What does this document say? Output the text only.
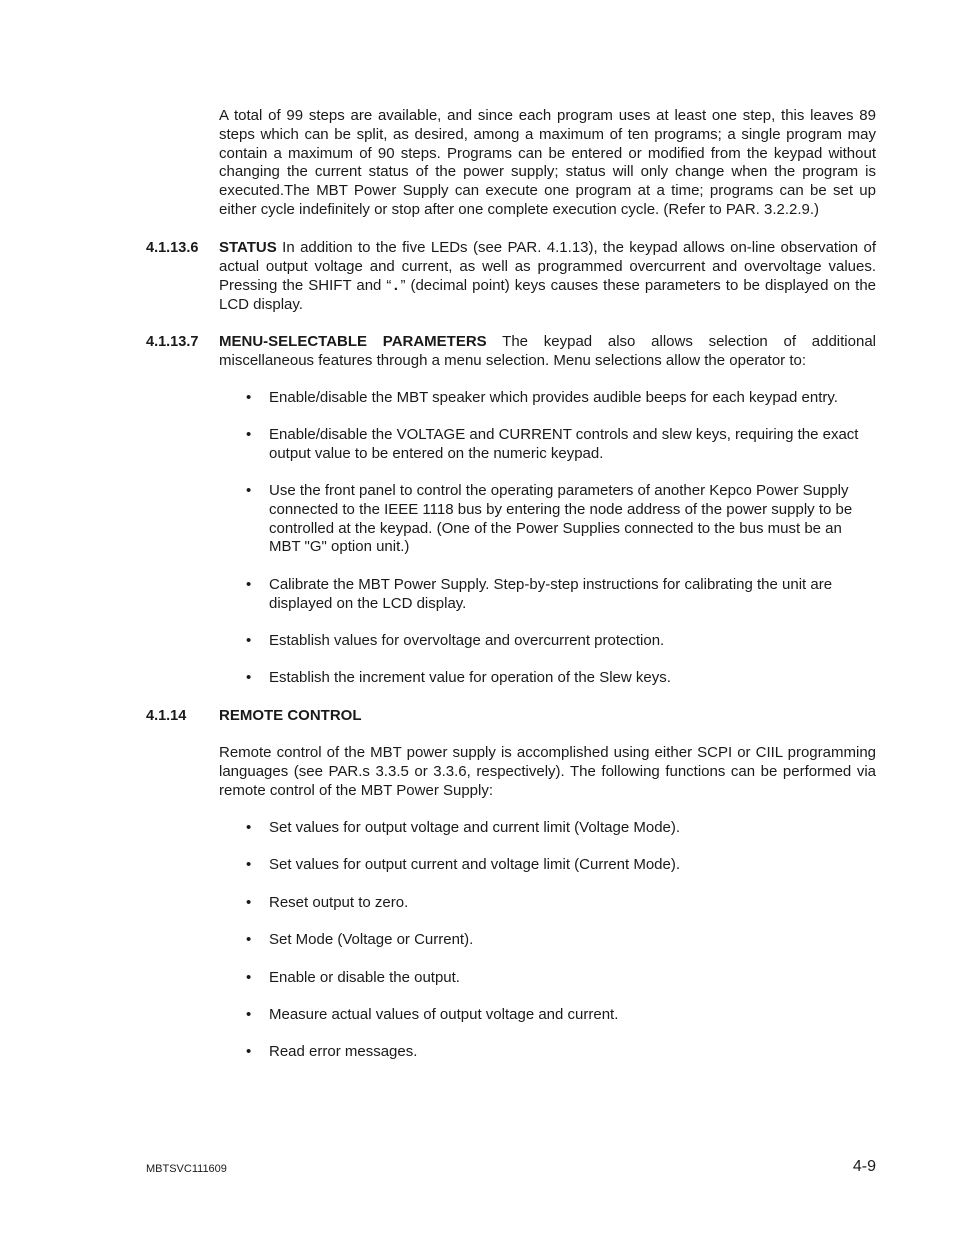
A total of 99 steps are available, and since each program uses at least one step, this leaves 89 steps which can be split, as desired, among a maximum of ten programs; a single program may contain a maximum of 90 steps. Programs can be entered or modified from the keypad without changing the current status of the power supply; status will only change when the program is executed.The MBT Power Supply can execute one program at a time; programs can be set up either cycle indefinitely or stop after one complete execution cycle. (Refer to PAR. 3.2.2.9.)

4.1.13.6 STATUS In addition to the five LEDs (see PAR. 4.1.13), the keypad allows on-line observation of actual output voltage and current, as well as programmed overcurrent and overvoltage values. Pressing the SHIFT and “.” (decimal point) keys causes these parameters to be displayed on the LCD display.

4.1.13.7 MENU-SELECTABLE PARAMETERS The keypad also allows selection of additional miscellaneous features through a menu selection. Menu selections allow the operator to:

• Enable/disable the MBT speaker which provides audible beeps for each keypad entry.

• Enable/disable the VOLTAGE and CURRENT controls and slew keys, requiring the exact output value to be entered on the numeric keypad.

• Use the front panel to control the operating parameters of another Kepco Power Supply connected to the IEEE 1118 bus by entering the node address of the power supply to be controlled at the keypad. (One of the Power Supplies connected to the bus must be an MBT "G" option unit.)

• Calibrate the MBT Power Supply. Step-by-step instructions for calibrating the unit are displayed on the LCD display.

• Establish values for overvoltage and overcurrent protection.

• Establish the increment value for operation of the Slew keys.

4.1.14 REMOTE CONTROL

Remote control of the MBT power supply is accomplished using either SCPI or CIIL programming languages (see PAR.s 3.3.5 or 3.3.6, respectively). The following functions can be performed via remote control of the MBT Power Supply:

• Set values for output voltage and current limit (Voltage Mode).

• Set values for output current and voltage limit (Current Mode).

• Reset output to zero.

• Set Mode (Voltage or Current).

• Enable or disable the output.

• Measure actual values of output voltage and current.

• Read error messages.

MBTSVC111609	4-9
